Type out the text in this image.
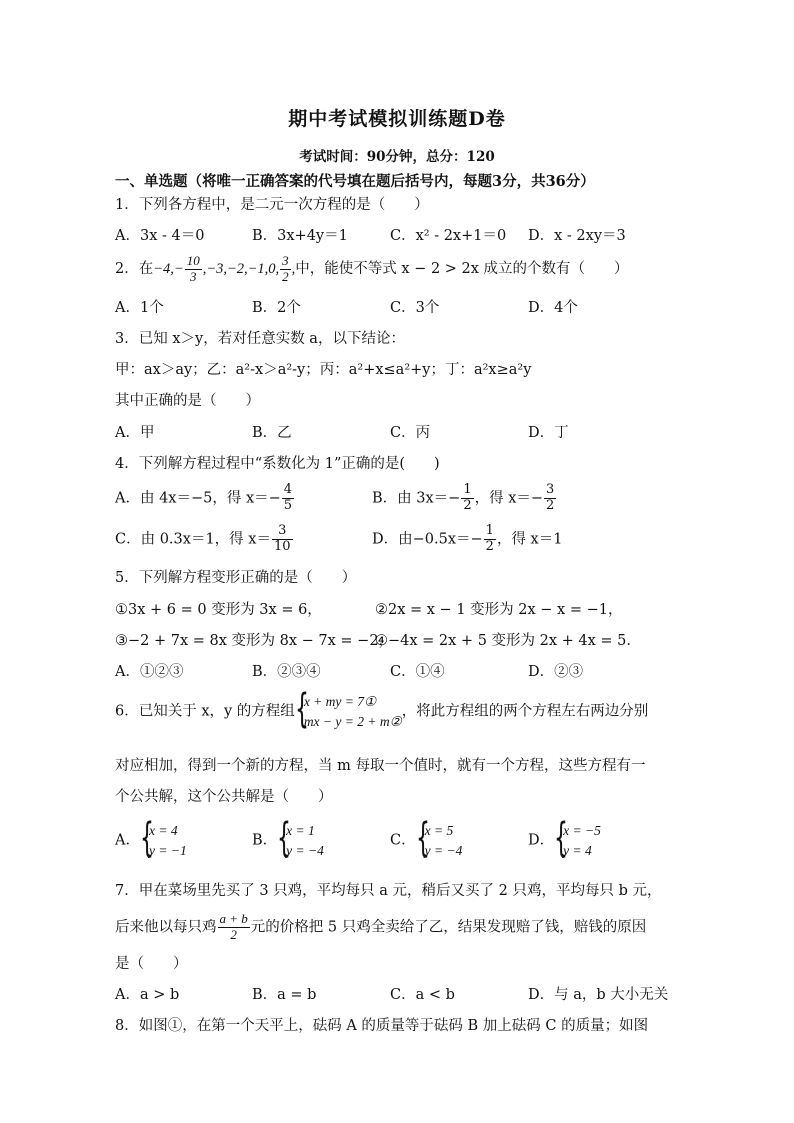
期中考试模拟训练题D卷
考试时间：90分钟，总分：120
一、单选题（将唯一正确答案的代号填在题后括号内，每题3分，共36分）
1．下列各方程中，是二元一次方程的是（　　）
A．3x - 4＝0	B．3x+4y＝1	C．x² - 2x+1＝0 D．x - 2xy＝3
2．在$-4,- \frac{10}{3} ,-3,-2,-1,0$, $\frac{3}{2}$ ,中，能使不等式 x − 2 > 2x 成立的个数有（　　）
A．1个	B．2个	C．3个	D．4个
3．已知 x＞y，若对任意实数 a，以下结论：
甲：ax＞ay；乙：a²-x＞a²-y；丙：a²+x≤a²+y；丁：a²x≥a²y
其中正确的是（　　）
A．甲	B．乙	C．丙	D．丁
4．下列解方程过程中“系数化为 1”正确的是(　　)
A．由 4x＝−5，得 $x=- \frac{4}{5}$	B．由 $3x=- \frac{1}{2}$ ，得 $x=- \frac{3}{2}$
C．由 0.3x＝1，得 $x= \frac{3}{10}$	D．由$-0.5x=- \frac{1}{2}$ ，得 x＝1
5．下列解方程变形正确的是（　　）
①3x + 6 = 0 变形为 3x = 6，	②2x = x − 1 变形为 2x − x = −1，
③−2 + 7x = 8x 变形为 8x − 7x = −2，
④−4x = 2x + 5 变形为 2x + 4x = 5．
A．①②③	B．②③④	C．①④	D．②③
6．已知关于 x，y 的方程组 {
x + my = 7①
mx − y = 2 + m②
，将此方程组的两个方程左右两边分别
对应相加，得到一个新的方程，当 m 每取一个值时，就有一个方程，这些方程有一
个公共解，这个公共解是（　　）
A． {
x = 4
y = −1
B． {
x = 1
y = −4
C． {
x = 5
y = −4
D． {
x = −5
y = 4
7．甲在菜场里先买了 3 只鸡，平均每只 a 元，稍后又买了 2 只鸡，平均每只 b 元，
后来他以每只鸡 $\frac{a + b}{2}$ 元的价格把 5 只鸡全卖给了乙，结果发现赔了钱，赔钱的原因
是（　　）
A．a > b	B．a = b	C．a < b	D．与 a，b 大小无关
8．如图①，在第一个天平上，砝码 A 的质量等于砝码 B 加上砝码 C 的质量；如图
